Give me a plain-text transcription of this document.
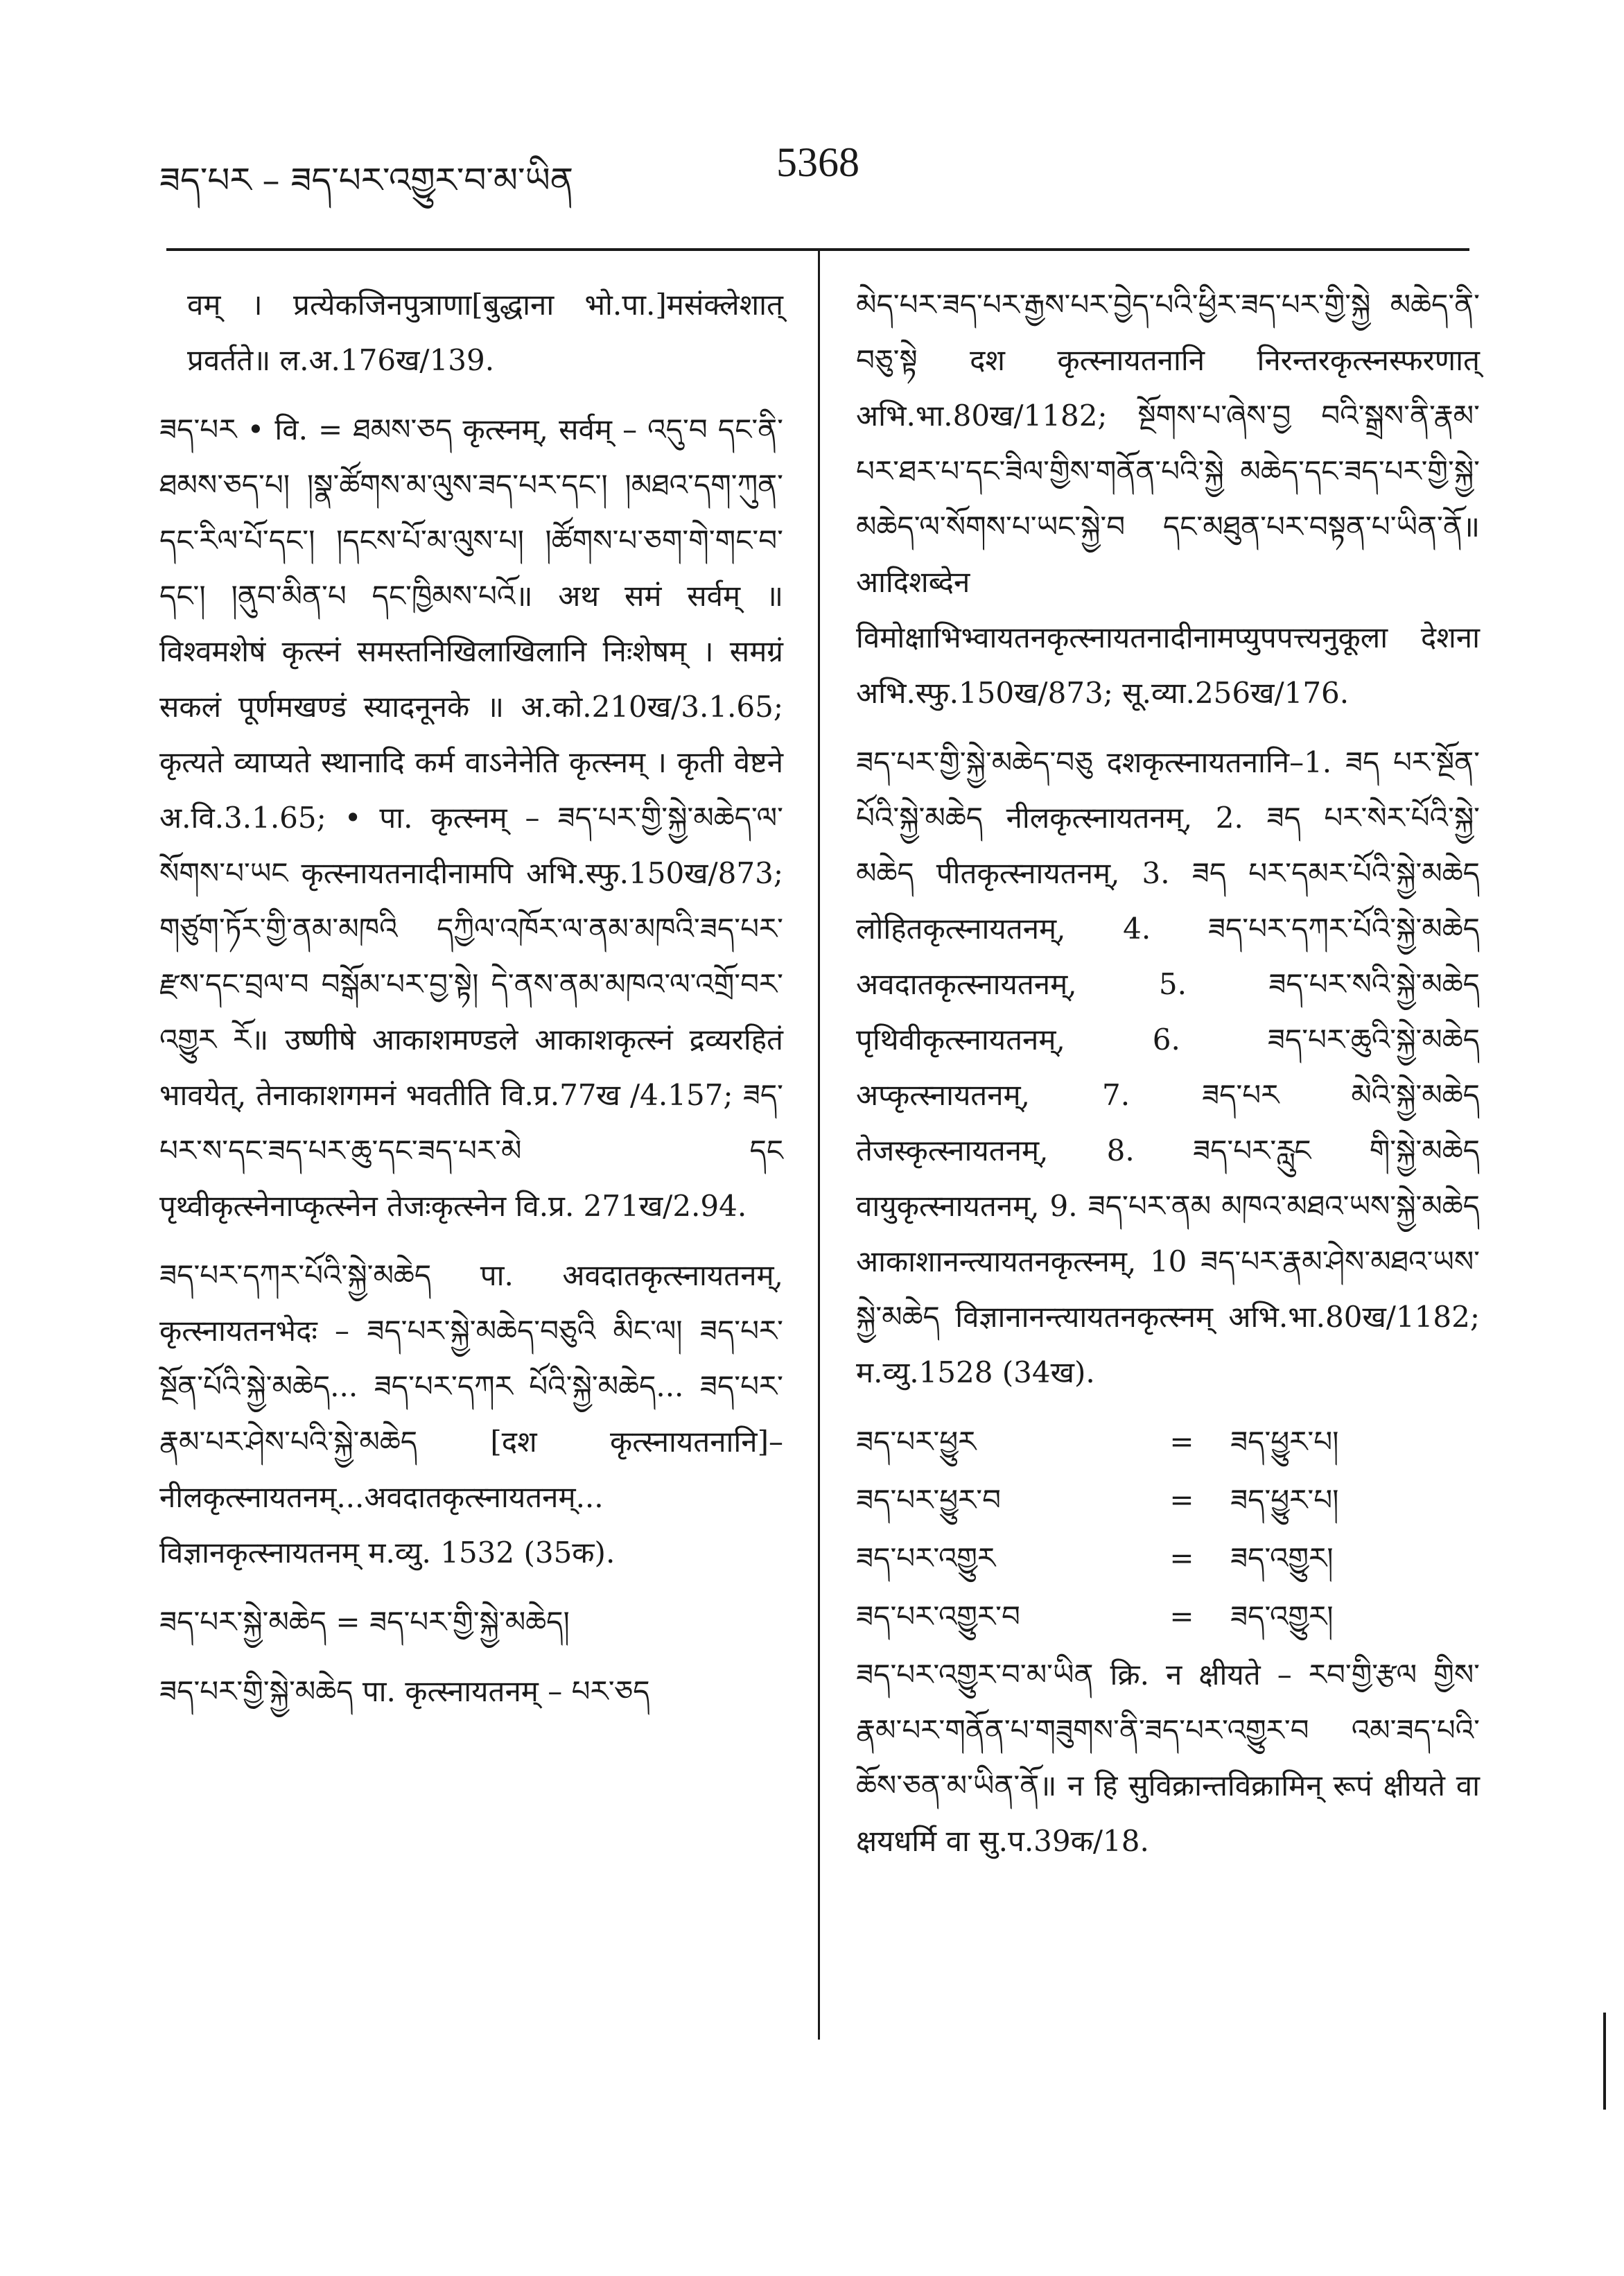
ཟད་པར – ཟད་པར་འགྱུར་བ་མ་ཡིན	5368

वम् । प्रत्येकजिनपुत्राणा[बुद्धाना भो.पा.]मसंक्लेशात् प्रवर्तते॥ ल.अ.176ख/139.

ཟད་པར • वि. = ཐམས་ཅད कृत्स्नम्, सर्वम् – འདུ་བ དང་ནི་ཐམས་ཅད་པ། །སྣ་ཚོགས་མ་ལུས་ཟད་པར་དང་། །མཐའ་དག་ཀུན་དང་རིལ་པོ་དང་། །དངས་པོ་མ་ལུས་པ། །ཚོགས་པ་ཅག་གེ་གང་བ་དང་། །ནུབ་མིན་པ དང་ཁྱིམས་པའོ॥ अथ समं सर्वम् ॥ विश्वमशेषं कृत्स्नं समस्तनिखिलाखिलानि निःशेषम् । समग्रं सकलं पूर्णमखण्डं स्यादनूनके ॥ अ.को.210ख/3.1.65; कृत्यते व्याप्यते स्थानादि कर्म वाऽनेनेति कृत्स्नम् । कृती वेष्टने अ.वि.3.1.65; • पा. कृत्स्नम् – ཟད་པར་གྱི་སྐྱེ་མཆེད་ལ་སོགས་པ་ཡང कृत्स्नायतनादीनामपि अभि.स्फु.150ख/873; གཙུག་ཏོར་གྱི་ནམ་མཁའི དཀྱིལ་འཁོར་ལ་ནམ་མཁའི་ཟད་པར་རྫས་དང་བྲལ་བ བསྒོམ་པར་བྱ་སྟེ། དེ་ནས་ནམ་མཁའ་ལ་འགྲོ་བར་འགྱུར རོ॥ उष्णीषे आकाशमण्डले आकाशकृत्स्नं द्रव्यरहितं भावयेत्, तेनाकाशगमनं भवतीति वि.प्र.77ख /4.157; ཟད་པར་ས་དང་ཟད་པར་ཆུ་དང་ཟད་པར་མེ དང पृथ्वीकृत्स्नेनाप्कृत्स्नेन तेजःकृत्स्नेन वि.प्र. 271ख/2.94.

ཟད་པར་དཀར་པོའི་སྐྱེ་མཆེད पा. अवदातकृत्स्नायतनम्, कृत्स्नायतनभेदः – ཟད་པར་སྐྱེ་མཆེད་བཅུའི མིང་ལ། ཟད་པར་སྔོན་པོའི་སྐྱེ་མཆེད... ཟད་པར་དཀར པོའི་སྐྱེ་མཆེད... ཟད་པར་རྣམ་པར་ཤེས་པའི་སྐྱེ་མཆེད [दश कृत्स्नायतनानि]–नीलकृत्स्नायतनम्...अवदातकृत्स्नायतनम्... विज्ञानकृत्स्नायतनम् म.व्यु. 1532 (35क).

ཟད་པར་སྐྱེ་མཆེད = ཟད་པར་གྱི་སྐྱེ་མཆེད།

ཟད་པར་གྱི་སྐྱེ་མཆེད पा. कृत्स्नायतनम् – པར་ཅད

མེད་པར་ཟད་པར་རྒྱས་པར་བྱེད་པའི་ཕྱིར་ཟད་པར་གྱི་སྐྱེ མཆེད་ནི་བཅུ་སྟེ दश कृत्स्नायतनानि निरन्तरकृत्स्नस्फरणात् अभि.भा.80ख/1182; སྔོགས་པ་ཞེས་བྱ བའི་སྒྲས་ནི་རྣམ་པར་ཐར་པ་དང་ཟིལ་གྱིས་གནོན་པའི་སྐྱེ མཆེད་དང་ཟད་པར་གྱི་སྐྱེ་མཆེད་ལ་སོགས་པ་ཡང་སྐྱེ་བ དང་མཐུན་པར་བསྟན་པ་ཡིན་ནོ॥ आदिशब्देन विमोक्षाभिभ्वायतनकृत्स्नायतनादीनामप्युपपत्त्यनुकूला देशना अभि.स्फु.150ख/873; सू.व्या.256ख/176.

ཟད་པར་གྱི་སྐྱེ་མཆེད་བཅུ दशकृत्स्नायतनानि–1. ཟད པར་སྔོན་པོའི་སྐྱེ་མཆེད नीलकृत्स्नायतनम्, 2. ཟད པར་སེར་པོའི་སྐྱེ་མཆེད पीतकृत्स्नायतनम्, 3. ཟད པར་དམར་པོའི་སྐྱེ་མཆེད लोहितकृत्स्नायतनम्, 4. ཟད་པར་དཀར་པོའི་སྐྱེ་མཆེད अवदातकृत्स्नायतनम्, 5. ཟད་པར་སའི་སྐྱེ་མཆེད पृथिवीकृत्स्नायतनम्, 6. ཟད་པར་ཆུའི་སྐྱེ་མཆེད अप्कृत्स्नायतनम्, 7. ཟད་པར མེའི་སྐྱེ་མཆེད तेजस्कृत्स्नायतनम्, 8. ཟད་པར་རླུང གི་སྐྱེ་མཆེད वायुकृत्स्नायतनम्, 9. ཟད་པར་ནམ མཁའ་མཐའ་ཡས་སྐྱེ་མཆེད आकाशानन्त्यायतनकृत्स्नम्, 10 ཟད་པར་རྣམ་ཤེས་མཐའ་ཡས་སྐྱེ་མཆེད विज्ञानानन्त्यायतनकृत्स्नम् अभि.भा.80ख/1182; म.व्यु.1528 (34ख).

ཟད་པར་ཕྱུར	=	ཟད་ཕྱུར་པ།
ཟད་པར་ཕྱུར་བ	=	ཟད་ཕྱུར་པ།
ཟད་པར་འགྱུར	=	ཟད་འགྱུར།
ཟད་པར་འགྱུར་བ	=	ཟད་འགྱུར།

ཟད་པར་འགྱུར་བ་མ་ཡིན क्रि. न क्षीयते – རབ་གྱི་རྩལ གྱིས་རྣམ་པར་གནོན་པ་གཟུགས་ནི་ཟད་པར་འགྱུར་བ འམ་ཟད་པའི་ཆོས་ཅན་མ་ཡིན་ནོ॥ न हि सुविक्रान्तविक्रामिन् रूपं क्षीयते वा क्षयधर्मि वा सु.प.39क/18.
